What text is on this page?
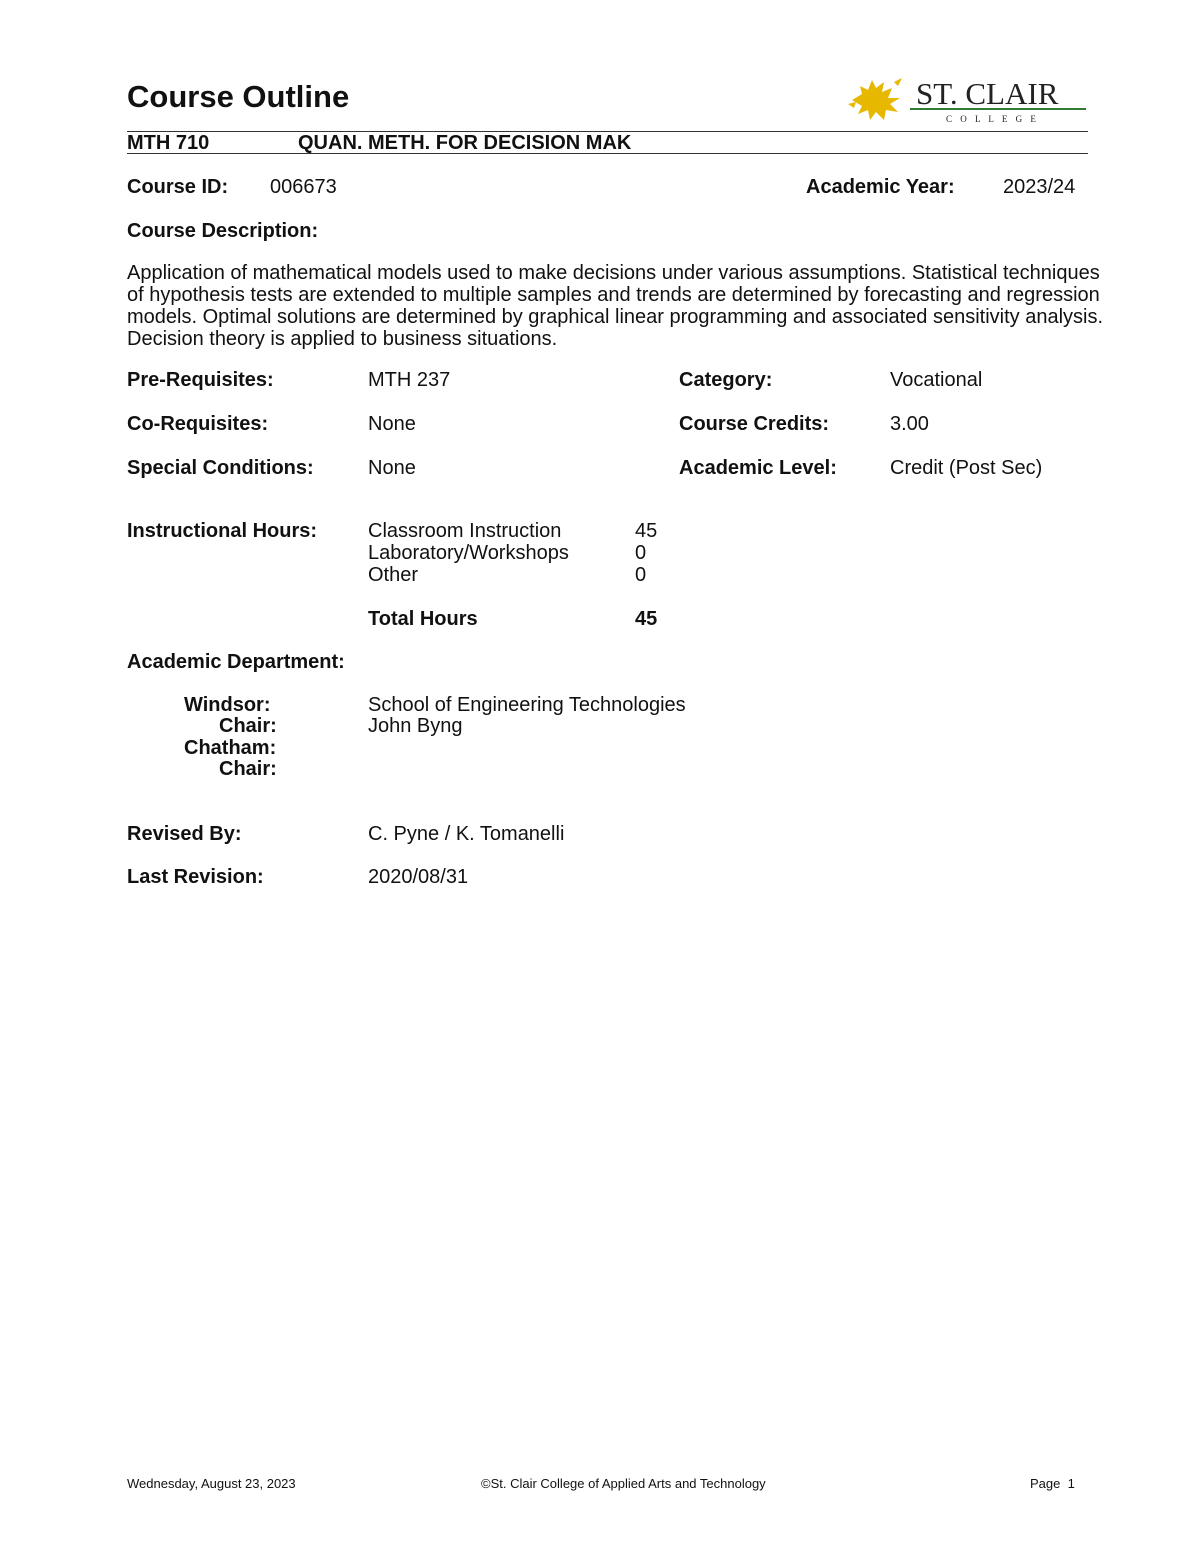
Course Outline	ST. CLAIR
C O L L E G E
MTH 710	QUAN. METH. FOR DECISION MAK
Course ID: 006673	Academic Year: 2023/24
Course Description:
Application of mathematical models used to make decisions under various assumptions. Statistical techniques of hypothesis tests are extended to multiple samples and trends are determined by forecasting and regression models. Optimal solutions are determined by graphical linear programming and associated sensitivity analysis. Decision theory is applied to business situations.
Pre-Requisites:	MTH 237	Category:	Vocational
Co-Requisites:	None	Course Credits:	3.00
Special Conditions:	None	Academic Level:	Credit (Post Sec)
Instructional Hours:	Classroom Instruction	45
Laboratory/Workshops	0
Other	0
Total Hours	45
Academic Department:
Windsor:	School of Engineering Technologies
Chair:	John Byng
Chatham:
Chair:
Revised By:	C. Pyne / K. Tomanelli
Last Revision:	2020/08/31
Wednesday, August 23, 2023	©St. Clair College of Applied Arts and Technology	Page  1
